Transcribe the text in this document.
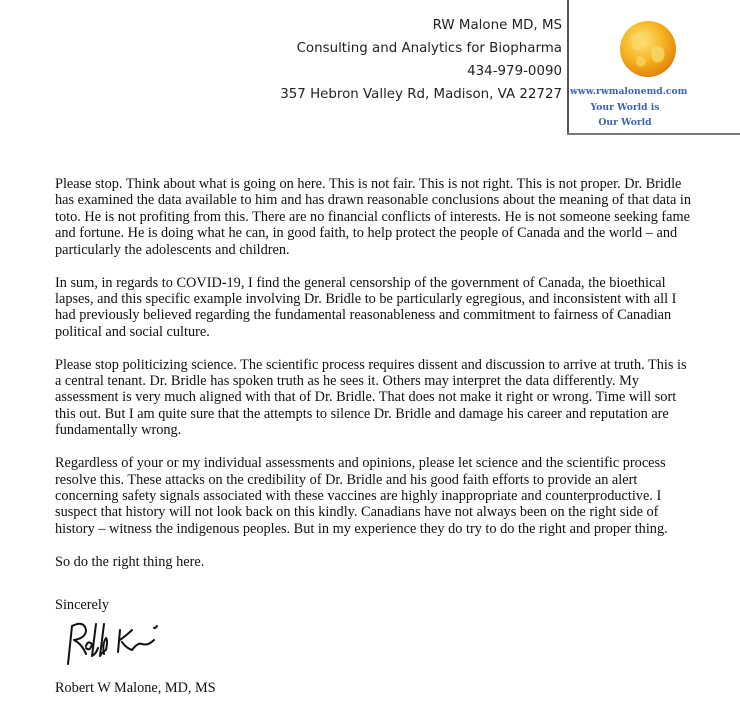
RW Malone MD, MS
Consulting and Analytics for Biopharma
434-979-0090
357 Hebron Valley Rd, Madison, VA 22727 www.rwmalonemd.com
Your World is
Our World

Please stop. Think about what is going on here. This is not fair. This is not right. This is not proper. Dr. Bridle has examined the data available to him and has drawn reasonable conclusions about the meaning of that data in toto. He is not profiting from this. There are no financial conflicts of interests. He is not someone seeking fame and fortune. He is doing what he can, in good faith, to help protect the people of Canada and the world – and particularly the adolescents and children.

In sum, in regards to COVID-19, I find the general censorship of the government of Canada, the bioethical lapses, and this specific example involving Dr. Bridle to be particularly egregious, and inconsistent with all I had previously believed regarding the fundamental reasonableness and commitment to fairness of Canadian political and social culture.

Please stop politicizing science. The scientific process requires dissent and discussion to arrive at truth. This is a central tenant. Dr. Bridle has spoken truth as he sees it. Others may interpret the data differently. My assessment is very much aligned with that of Dr. Bridle. That does not make it right or wrong. Time will sort this out. But I am quite sure that the attempts to silence Dr. Bridle and damage his career and reputation are fundamentally wrong.

Regardless of your or my individual assessments and opinions, please let science and the scientific process resolve this. These attacks on the credibility of Dr. Bridle and his good faith efforts to provide an alert concerning safety signals associated with these vaccines are highly inappropriate and counterproductive. I suspect that history will not look back on this kindly. Canadians have not always been on the right side of history – witness the indigenous peoples. But in my experience they do try to do the right and proper thing.

So do the right thing here.

Sincerely
Robert W Malone, MD, MS
